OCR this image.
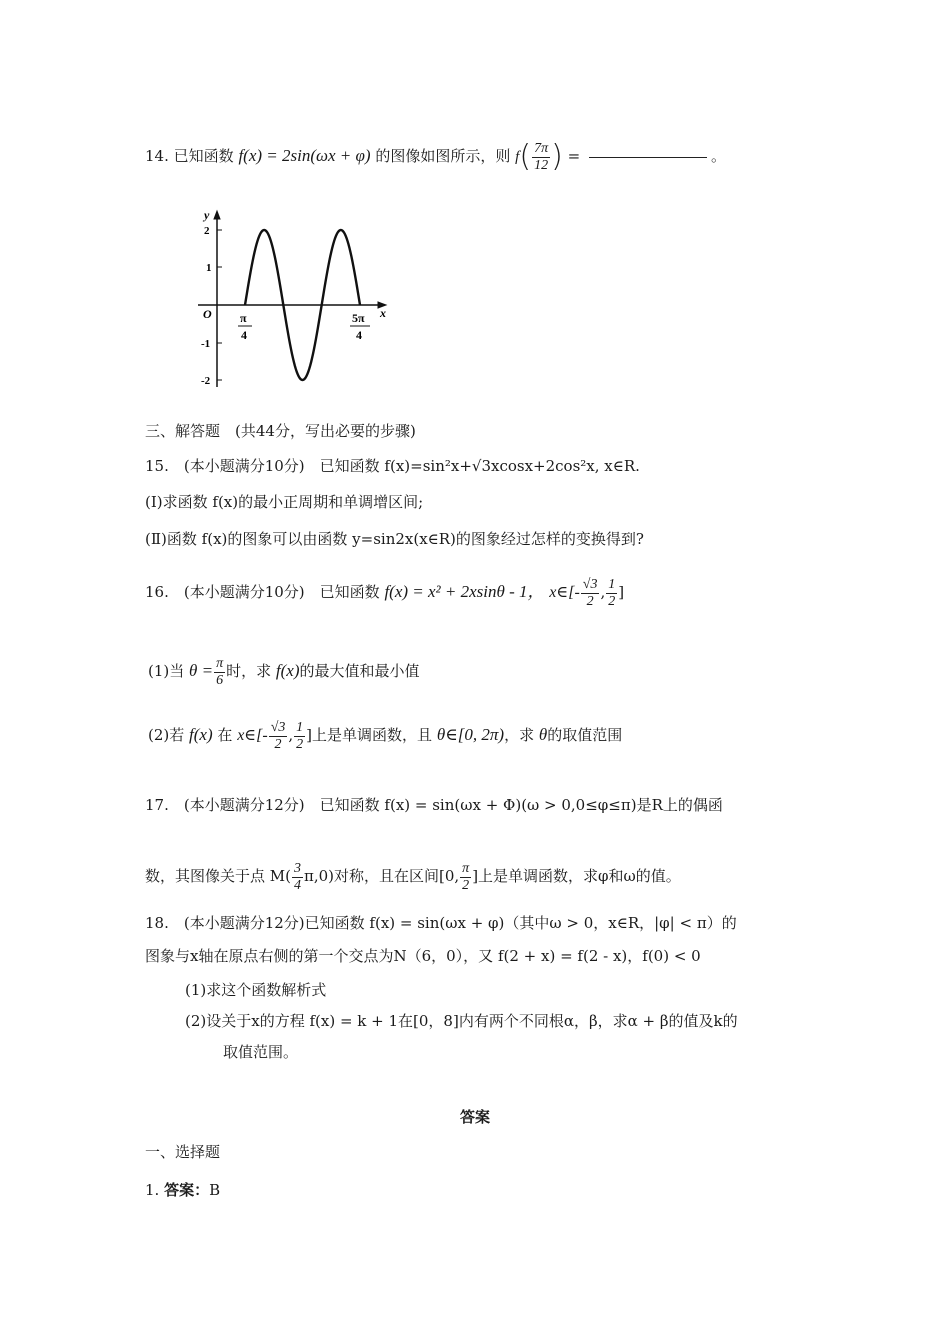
14. 已知函数 f(x) = 2sin(ωx + φ) 的图像如图所示，则 $f( \frac{7\pi}{12}$ ) =	。
y
x
O
2
1
-1
-2
π
4
5π
4
三、解答题　(共44分，写出必要的步骤)
15.　(本小题满分10分)　已知函数 f(x)=sin²x+√3xcosx+2cos²x, x∈R.
(Ⅰ)求函数 f(x)的最小正周期和单调增区间;
(Ⅱ)函数 f(x)的图象可以由函数 y=sin2x(x∈R)的图象经过怎样的变换得到?
16.　(本小题满分10分)　已知函数 f(x) = x² + 2xsinθ - 1， x∈[- $\frac{√3}{2}$ , $\frac{1}{2}$ ]
(1)当 $\theta = \frac{\pi}{6}$ 时，求 f(x)的最大值和最小值
(2)若 f(x) 在 x∈[- $\frac{√3}{2}$ , $\frac{1}{2}$ ]上是单调函数，且 θ∈[0, 2π)，求 θ的取值范围
17.　(本小题满分12分)　已知函数 f(x) = sin(ωx + Φ)(ω > 0,0≤φ≤π)是R上的偶函
数，其图像关于点 $M( \frac{3}{4} \pi,0)$对称，且在区间[0, $\frac{\pi}{2}$ ]上是单调函数，求φ和ω的值。
18.　(本小题满分12分)已知函数 f(x) = sin(ωx + φ)（其中ω > 0，x∈R，|φ| < π）的
图象与x轴在原点右侧的第一个交点为N（6，0），又 f(2 + x) = f(2 - x)，f(0) < 0
(1)求这个函数解析式
(2)设关于x的方程 f(x) = k + 1在[0，8]内有两个不同根α，β，求α + β的值及k的
取值范围。
答案
一、选择题
1. 答案：B
